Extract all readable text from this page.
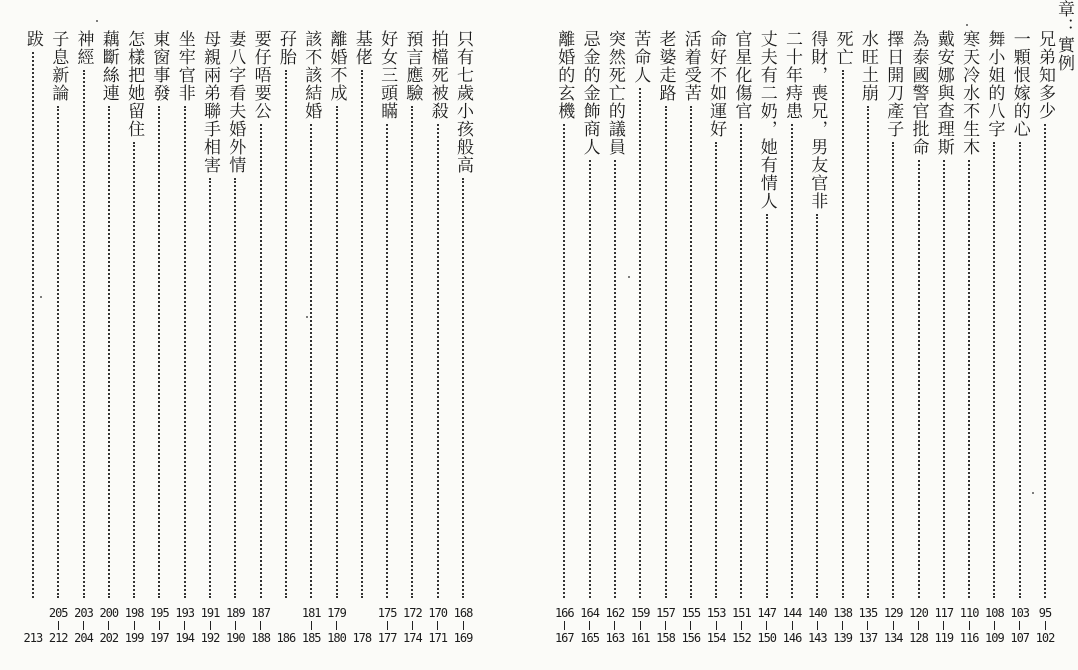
只有七歲小孩般高
168
169
拍檔死被殺
170
171
預言應驗
172
174
好女三頭瞞
175
177
基佬
178
離婚不成
179
180
該不該結婚
181
185
孖胎
186
要仔唔要公
187
188
妻八字看夫婚外情
189
190
母親兩弟聯手相害
191
192
坐牢官非
193
194
東窗事發
195
197
怎樣把她留住
198
199
藕斷絲連
200
202
神經
203
204
子息新論
205
212
跋
213
兄弟知多少
95
102
一顆恨嫁的心
103
107
舞小姐的八字
108
109
寒天冷水不生木
110
116
戴安娜與查理斯
117
119
為泰國警官批命
120
128
擇日開刀產子
129
134
水旺土崩
135
137
死亡
138
139
得財，喪兄，男友官非
140
143
二十年痔患
144
146
丈夫有二奶，她有情人
147
150
官星化傷官
151
152
命好不如運好
153
154
活着受苦
155
156
老婆走路
157
158
苦命人
159
161
突然死亡的議員
162
163
忌金的金飾商人
164
165
離婚的玄機
166
167
章：實例
